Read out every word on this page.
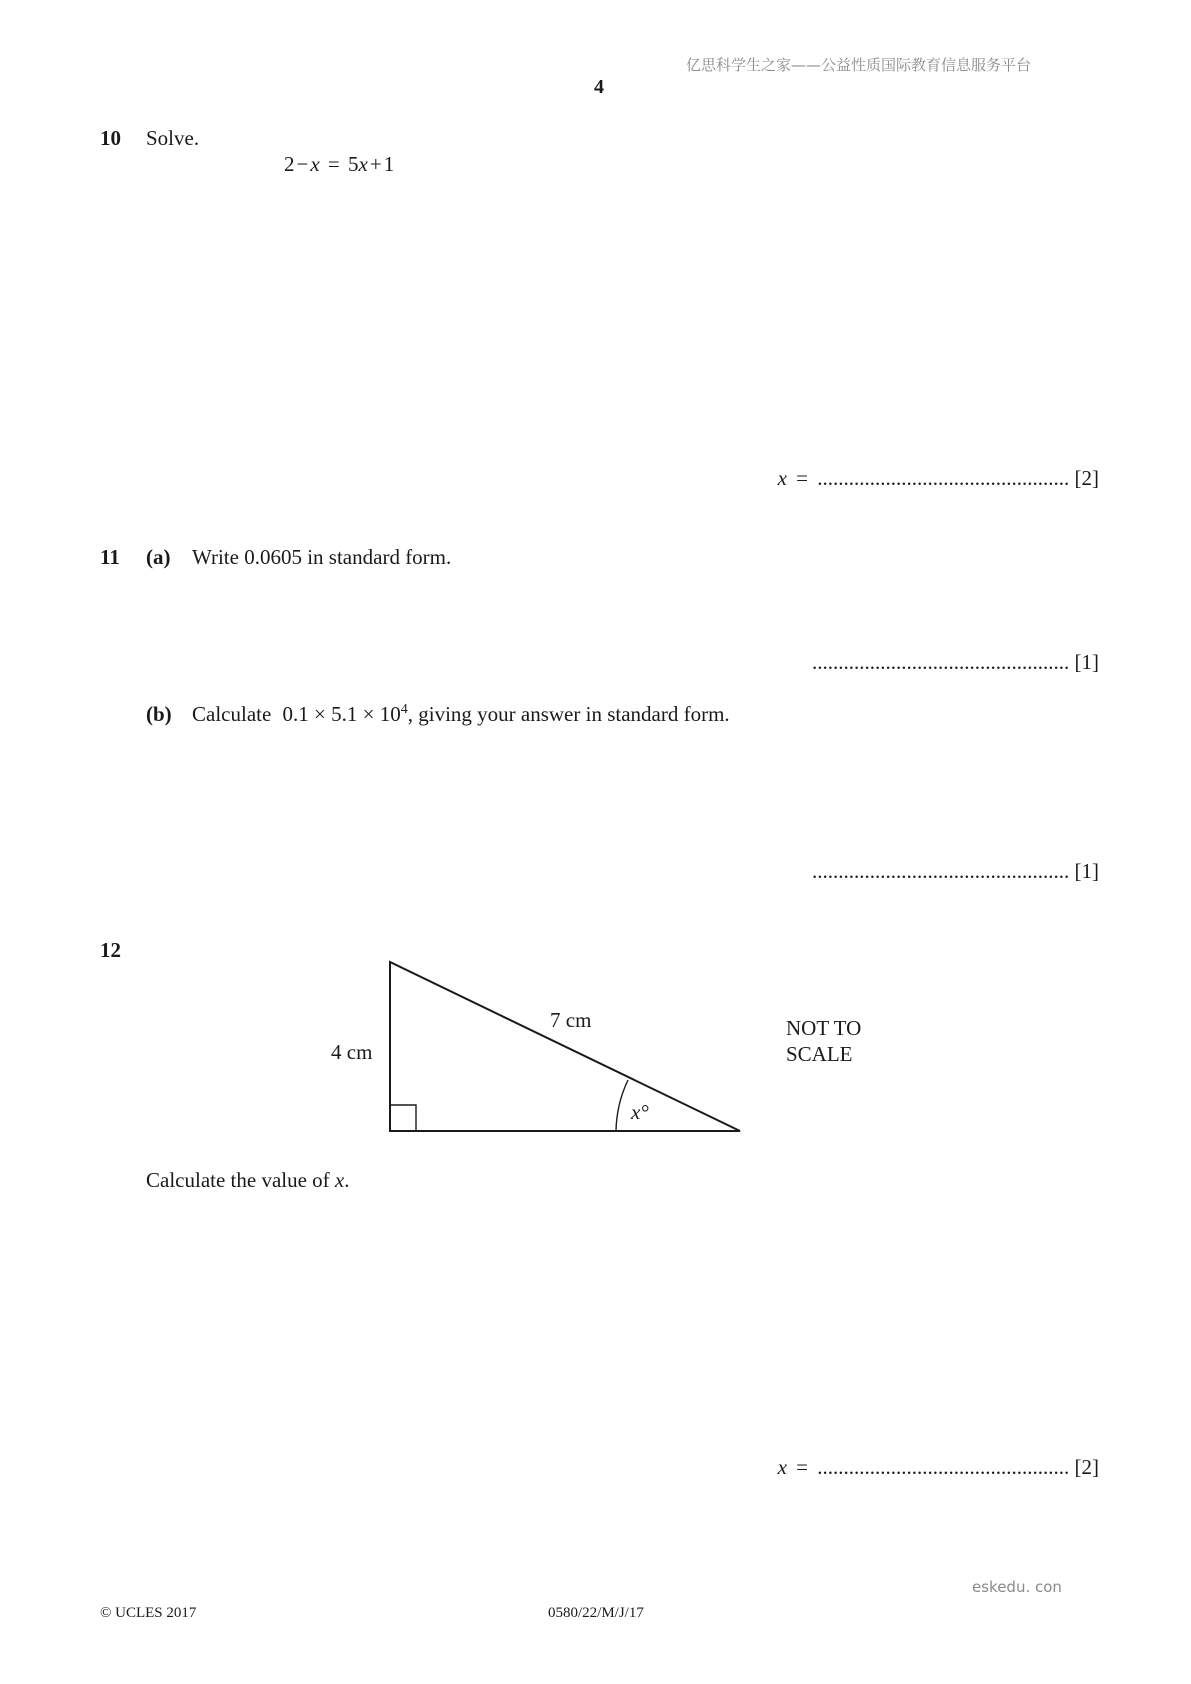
亿思科学生之家——公益性质国际教育信息服务平台
4
10 Solve.
2−x = 5x+1
x = ................................................ [2]
11 (a) Write 0.0605 in standard form.
................................................. [1]
(b) Calculate $0.1 \times 5.1 \times 10^4$, giving your answer in standard form.
................................................. [1]
12
4 cm
7 cm
x°
NOT TO
SCALE
Calculate the value of x.
x = ................................................ [2]
eskedu. con
© UCLES 2017	0580/22/M/J/17
